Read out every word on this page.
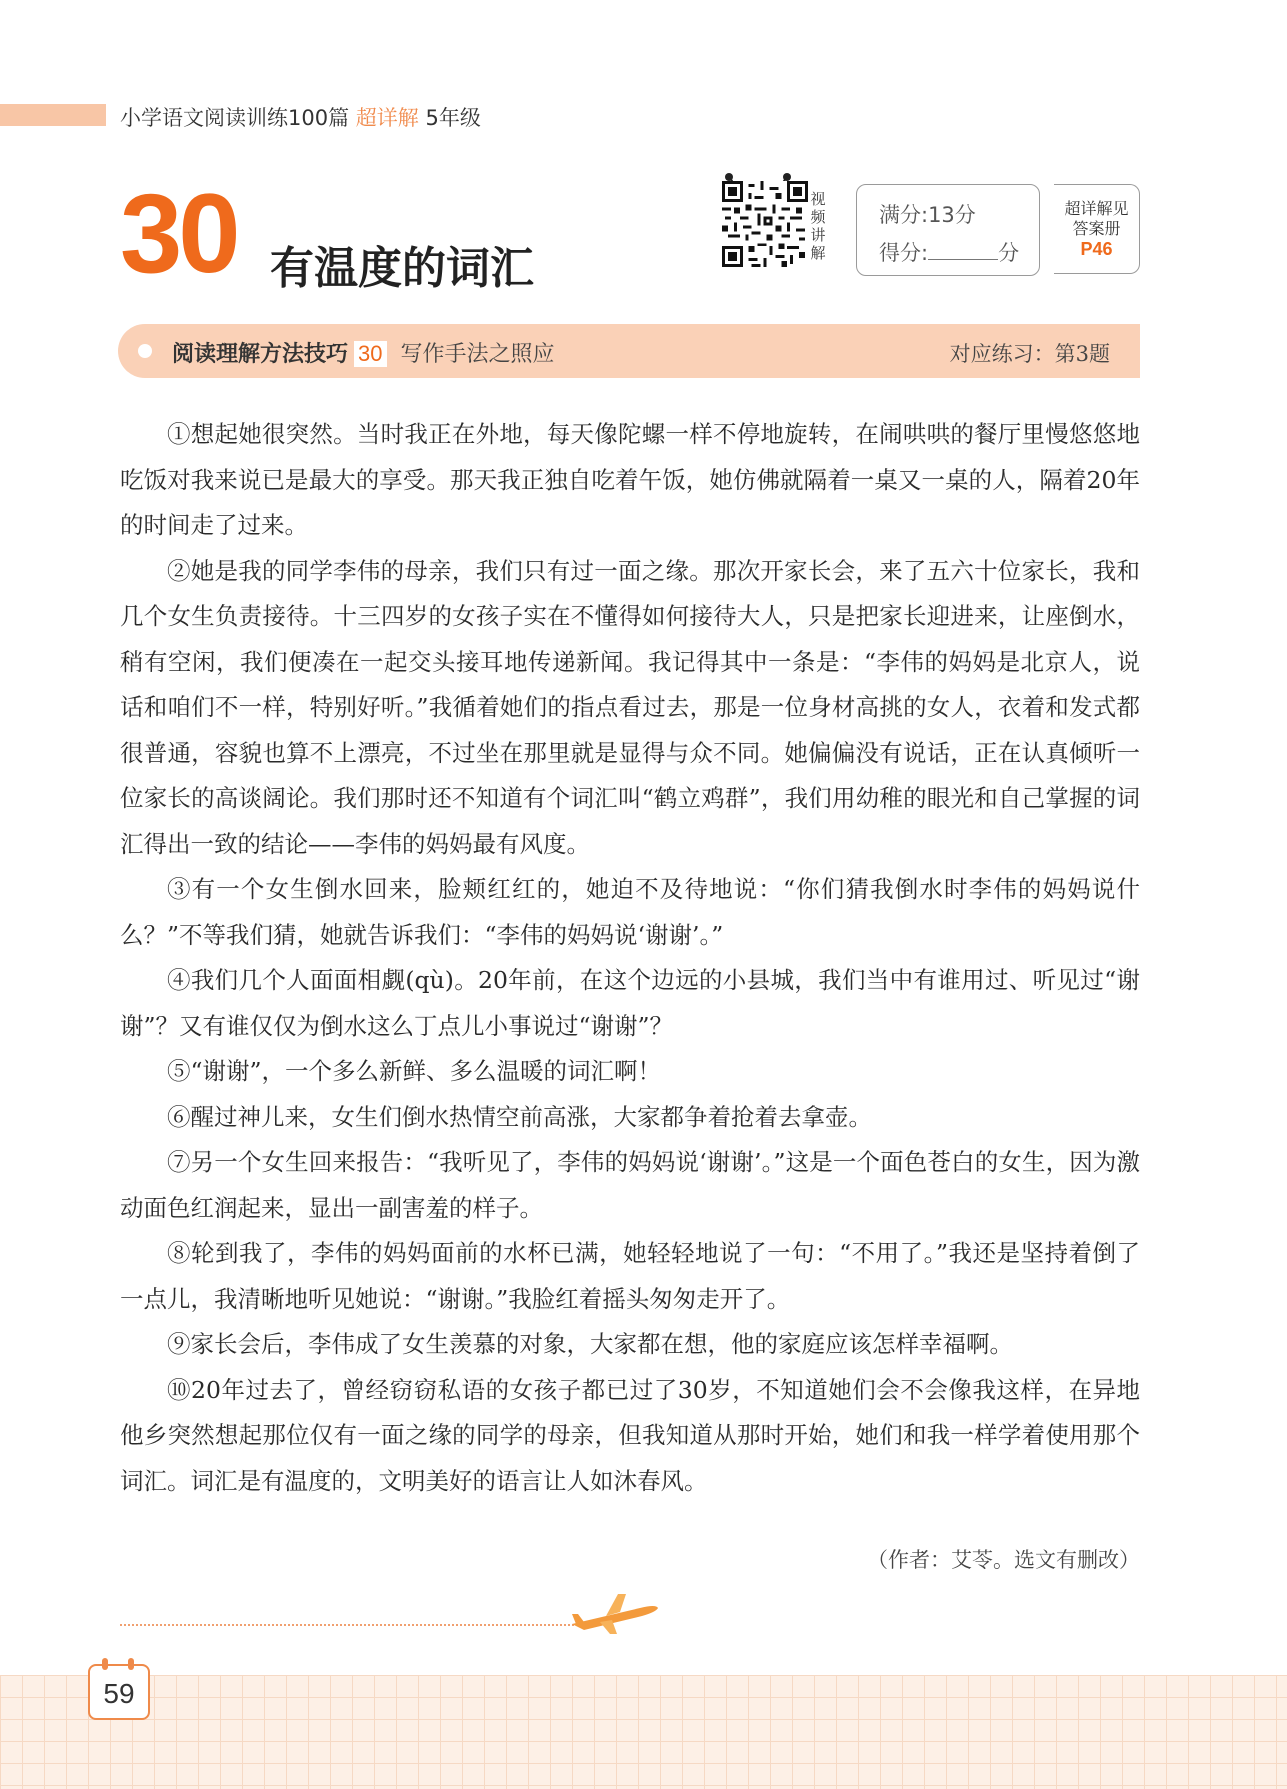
小学语文阅读训练100篇 超详解 5年级
30 有温度的词汇
视
频
讲
解
满分:13分
得分:	分
超详解见
答案册
P46
阅读理解方法技巧 30 写作手法之照应	对应练习：第3题

①想起她很突然。当时我正在外地，每天像陀螺一样不停地旋转，在闹哄哄的餐厅里慢悠悠地吃饭对我来说已是最大的享受。那天我正独自吃着午饭，她仿佛就隔着一桌又一桌的人，隔着20年的时间走了过来。

②她是我的同学李伟的母亲，我们只有过一面之缘。那次开家长会，来了五六十位家长，我和几个女生负责接待。十三四岁的女孩子实在不懂得如何接待大人，只是把家长迎进来，让座倒水，稍有空闲，我们便凑在一起交头接耳地传递新闻。我记得其中一条是：“李伟的妈妈是北京人，说话和咱们不一样，特别好听。”我循着她们的指点看过去，那是一位身材高挑的女人，衣着和发式都很普通，容貌也算不上漂亮，不过坐在那里就是显得与众不同。她偏偏没有说话，正在认真倾听一位家长的高谈阔论。我们那时还不知道有个词汇叫“鹤立鸡群”，我们用幼稚的眼光和自己掌握的词汇得出一致的结论——李伟的妈妈最有风度。

③有一个女生倒水回来，脸颊红红的，她迫不及待地说：“你们猜我倒水时李伟的妈妈说什么？”不等我们猜，她就告诉我们：“李伟的妈妈说‘谢谢’。”

④我们几个人面面相觑(qù)。20年前，在这个边远的小县城，我们当中有谁用过、听见过“谢谢”？又有谁仅仅为倒水这么丁点儿小事说过“谢谢”？

⑤“谢谢”，一个多么新鲜、多么温暖的词汇啊！

⑥醒过神儿来，女生们倒水热情空前高涨，大家都争着抢着去拿壶。

⑦另一个女生回来报告：“我听见了，李伟的妈妈说‘谢谢’。”这是一个面色苍白的女生，因为激动面色红润起来，显出一副害羞的样子。

⑧轮到我了，李伟的妈妈面前的水杯已满，她轻轻地说了一句：“不用了。”我还是坚持着倒了一点儿，我清晰地听见她说：“谢谢。”我脸红着摇头匆匆走开了。

⑨家长会后，李伟成了女生羡慕的对象，大家都在想，他的家庭应该怎样幸福啊。

⑩20年过去了，曾经窃窃私语的女孩子都已过了30岁，不知道她们会不会像我这样，在异地他乡突然想起那位仅有一面之缘的同学的母亲，但我知道从那时开始，她们和我一样学着使用那个词汇。词汇是有温度的，文明美好的语言让人如沐春风。

（作者：艾苓。选文有删改）
59
